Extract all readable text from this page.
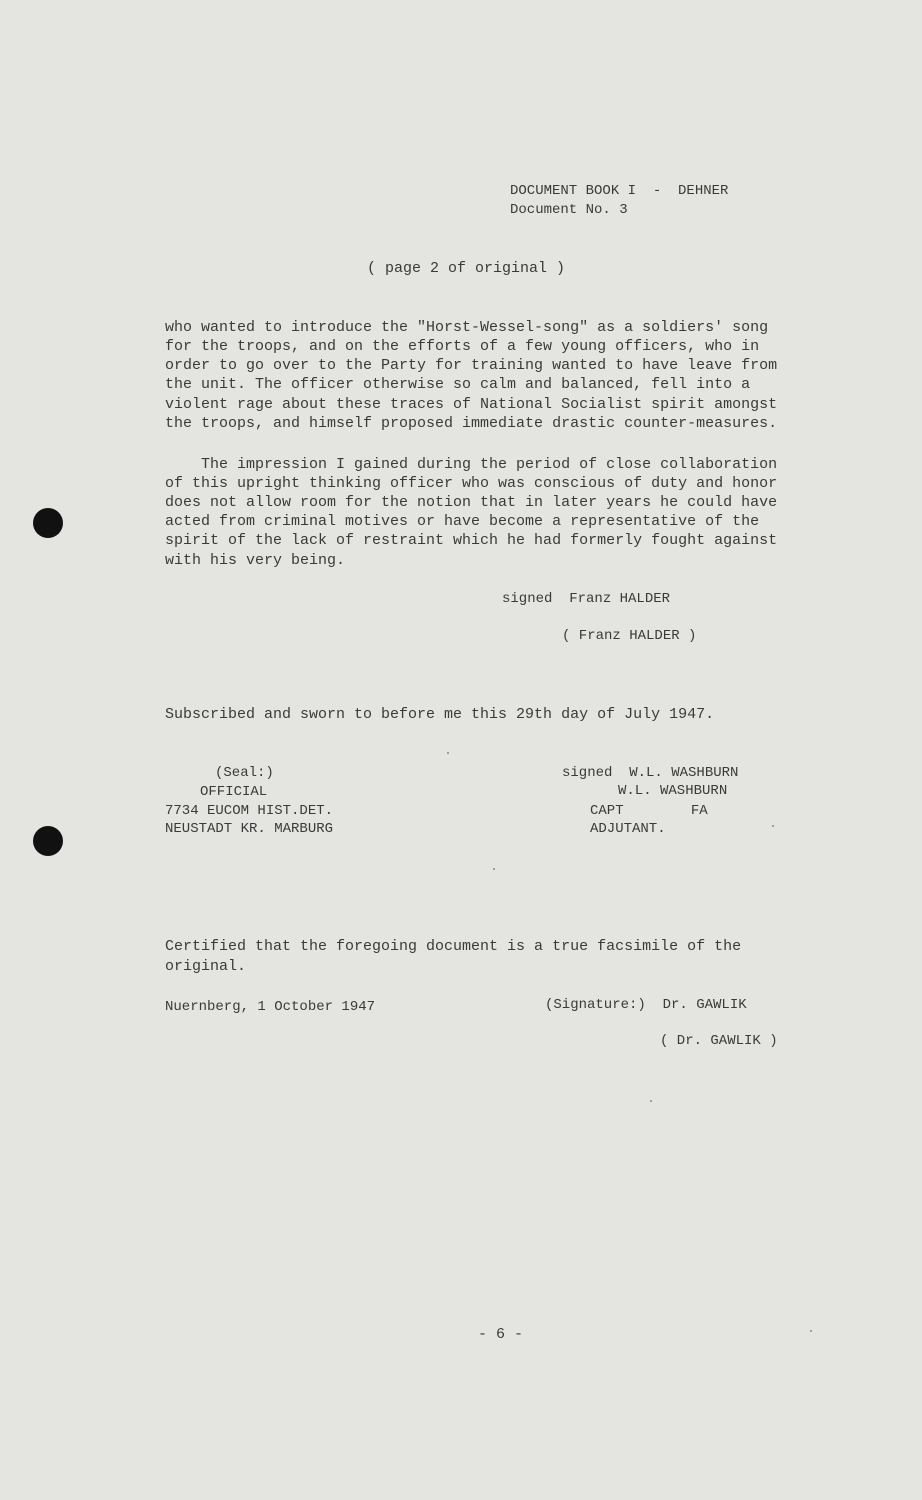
DOCUMENT BOOK I  -  DEHNER
Document No. 3
( page 2 of original )
who wanted to introduce the "Horst-Wessel-song" as a soldiers' song
for the troops, and on the efforts of a few young officers, who in
order to go over to the Party for training wanted to have leave from
the unit. The officer otherwise so calm and balanced, fell into a
violent rage about these traces of National Socialist spirit amongst
the troops, and himself proposed immediate drastic counter-measures.
The impression I gained during the period of close collaboration
of this upright thinking officer who was conscious of duty and honor
does not allow room for the notion that in later years he could have
acted from criminal motives or have become a representative of the
spirit of the lack of restraint which he had formerly fought against
with his very being.
signed  Franz HALDER
( Franz HALDER )
Subscribed and sworn to before me this 29th day of July 1947.
(Seal:)
OFFICIAL
7734 EUCOM HIST.DET.
NEUSTADT KR. MARBURG
signed  W.L. WASHBURN
W.L. WASHBURN
CAPT        FA
ADJUTANT.
Certified that the foregoing document is a true facsimile of the
original.
Nuernberg, 1 October 1947	(Signature:)  Dr. GAWLIK
( Dr. GAWLIK )
- 6 -
